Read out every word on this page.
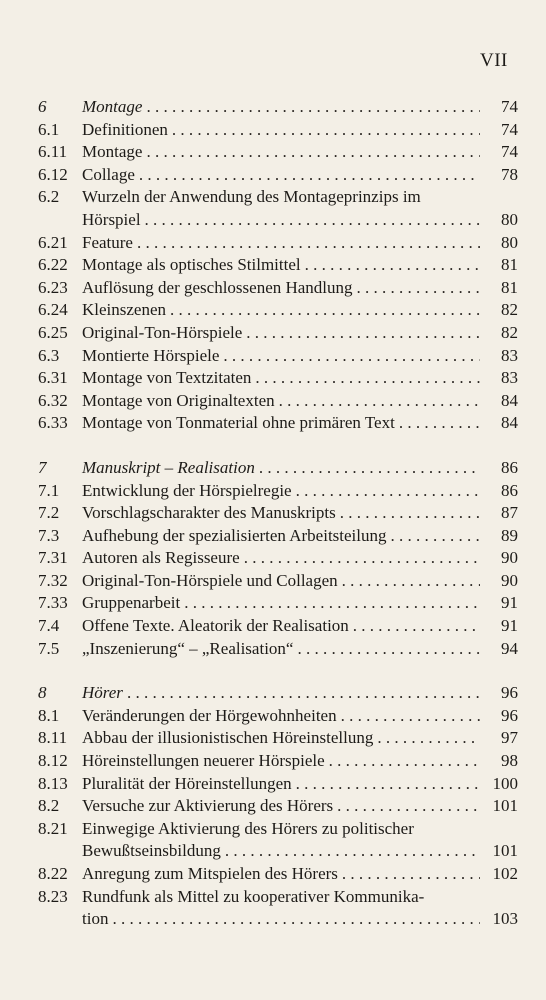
VII
6	Montage . . .	74
6.1	Definitionen . . .	74
6.11 Montage . . .	74
6.12 Collage . . .	78
6.2	Wurzeln der Anwendung des Montageprinzips im
Hörspiel . . .	80
6.21 Feature . . .	80
6.22 Montage als optisches Stilmittel . . .	81
6.23 Auflösung der geschlossenen Handlung . . .	81
6.24 Kleinszenen . . .	82
6.25 Original-Ton-Hörspiele . . .	82
6.3	Montierte Hörspiele . . .	83
6.31 Montage von Textzitaten . . .	83
6.32 Montage von Originaltexten . . .	84
6.33 Montage von Tonmaterial ohne primären Text . . .	84
7	Manuskript – Realisation . . .	86
7.1	Entwicklung der Hörspielregie . . .	86
7.2	Vorschlagscharakter des Manuskripts . . .	87
7.3	Aufhebung der spezialisierten Arbeitsteilung . . .	89
7.31 Autoren als Regisseure . . .	90
7.32 Original-Ton-Hörspiele und Collagen . . .	90
7.33 Gruppenarbeit . . .	91
7.4	Offene Texte. Aleatorik der Realisation . . .	91
7.5	„Inszenierung“ – „Realisation“ . . .	94
8	Hörer . . .	96
8.1	Veränderungen der Hörgewohnheiten . . .	96
8.11 Abbau der illusionistischen Höreinstellung . . .	97
8.12 Höreinstellungen neuerer Hörspiele . . .	98
8.13 Pluralität der Höreinstellungen . . .	100
8.2	Versuche zur Aktivierung des Hörers . . .	101
8.21 Einwegige Aktivierung des Hörers zu politischer
Bewußtseinsbildung . . .	101
8.22 Anregung zum Mitspielen des Hörers . . .	102
8.23 Rundfunk als Mittel zu kooperativer Kommunika-
tion . . .	103
